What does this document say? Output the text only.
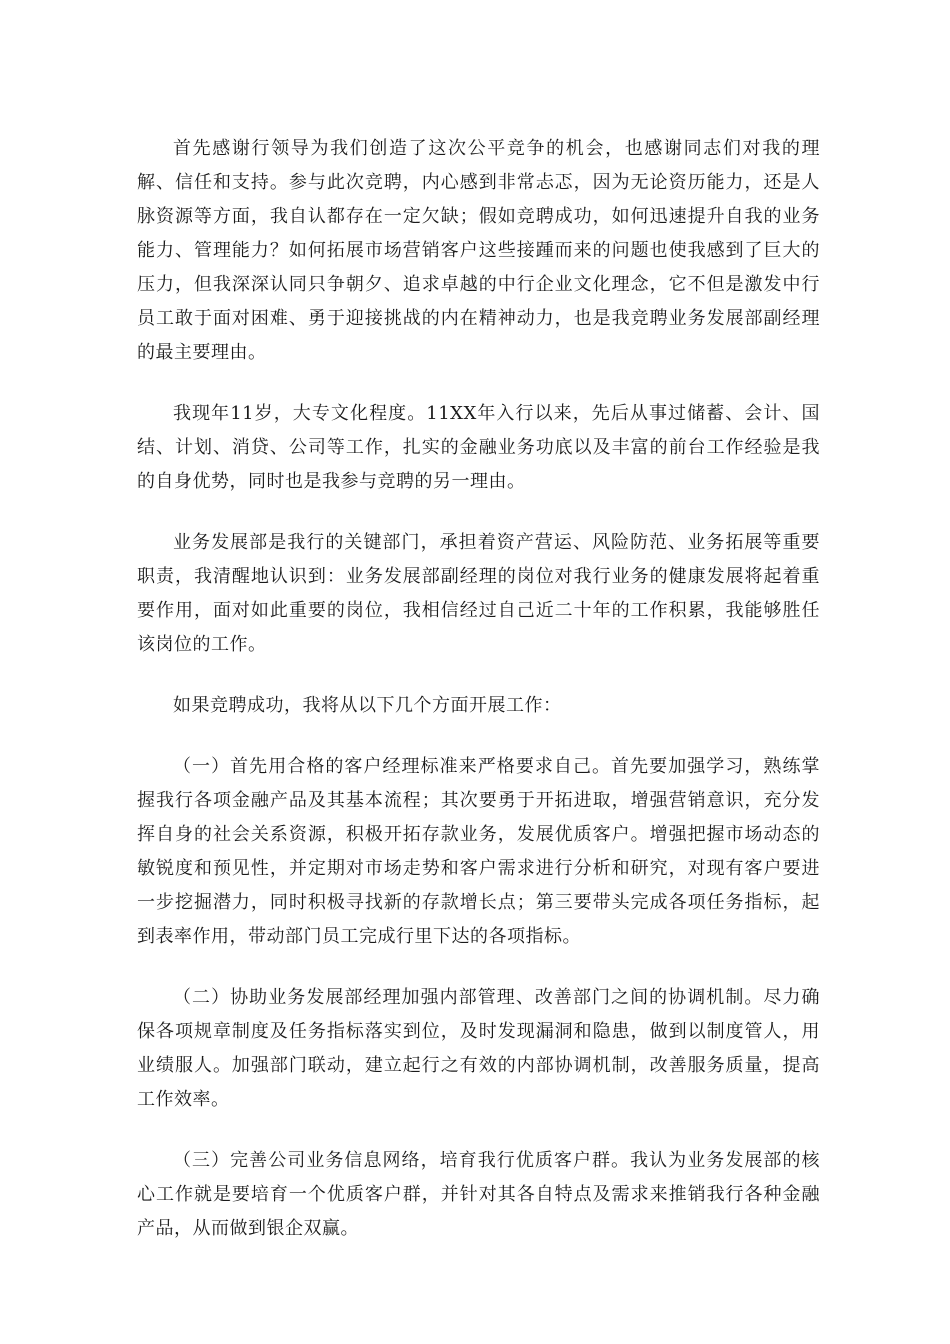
首先感谢行领导为我们创造了这次公平竞争的机会，也感谢同志们对我的理解、信任和支持。参与此次竞聘，内心感到非常忐忑，因为无论资历能力，还是人脉资源等方面，我自认都存在一定欠缺；假如竞聘成功，如何迅速提升自我的业务能力、管理能力？如何拓展市场营销客户这些接踵而来的问题也使我感到了巨大的压力，但我深深认同只争朝夕、追求卓越的中行企业文化理念，它不但是激发中行员工敢于面对困难、勇于迎接挑战的内在精神动力，也是我竞聘业务发展部副经理的最主要理由。

我现年11岁，大专文化程度。11XX年入行以来，先后从事过储蓄、会计、国结、计划、消贷、公司等工作，扎实的金融业务功底以及丰富的前台工作经验是我的自身优势，同时也是我参与竞聘的另一理由。

业务发展部是我行的关键部门，承担着资产营运、风险防范、业务拓展等重要职责，我清醒地认识到：业务发展部副经理的岗位对我行业务的健康发展将起着重要作用，面对如此重要的岗位，我相信经过自己近二十年的工作积累，我能够胜任该岗位的工作。

如果竞聘成功，我将从以下几个方面开展工作：

（一）首先用合格的客户经理标准来严格要求自己。首先要加强学习，熟练掌握我行各项金融产品及其基本流程；其次要勇于开拓进取，增强营销意识，充分发挥自身的社会关系资源，积极开拓存款业务，发展优质客户。增强把握市场动态的敏锐度和预见性，并定期对市场走势和客户需求进行分析和研究，对现有客户要进一步挖掘潜力，同时积极寻找新的存款增长点；第三要带头完成各项任务指标，起到表率作用，带动部门员工完成行里下达的各项指标。

（二）协助业务发展部经理加强内部管理、改善部门之间的协调机制。尽力确保各项规章制度及任务指标落实到位，及时发现漏洞和隐患，做到以制度管人，用业绩服人。加强部门联动，建立起行之有效的内部协调机制，改善服务质量，提高工作效率。

（三）完善公司业务信息网络，培育我行优质客户群。我认为业务发展部的核心工作就是要培育一个优质客户群，并针对其各自特点及需求来推销我行各种金融产品，从而做到银企双赢。
